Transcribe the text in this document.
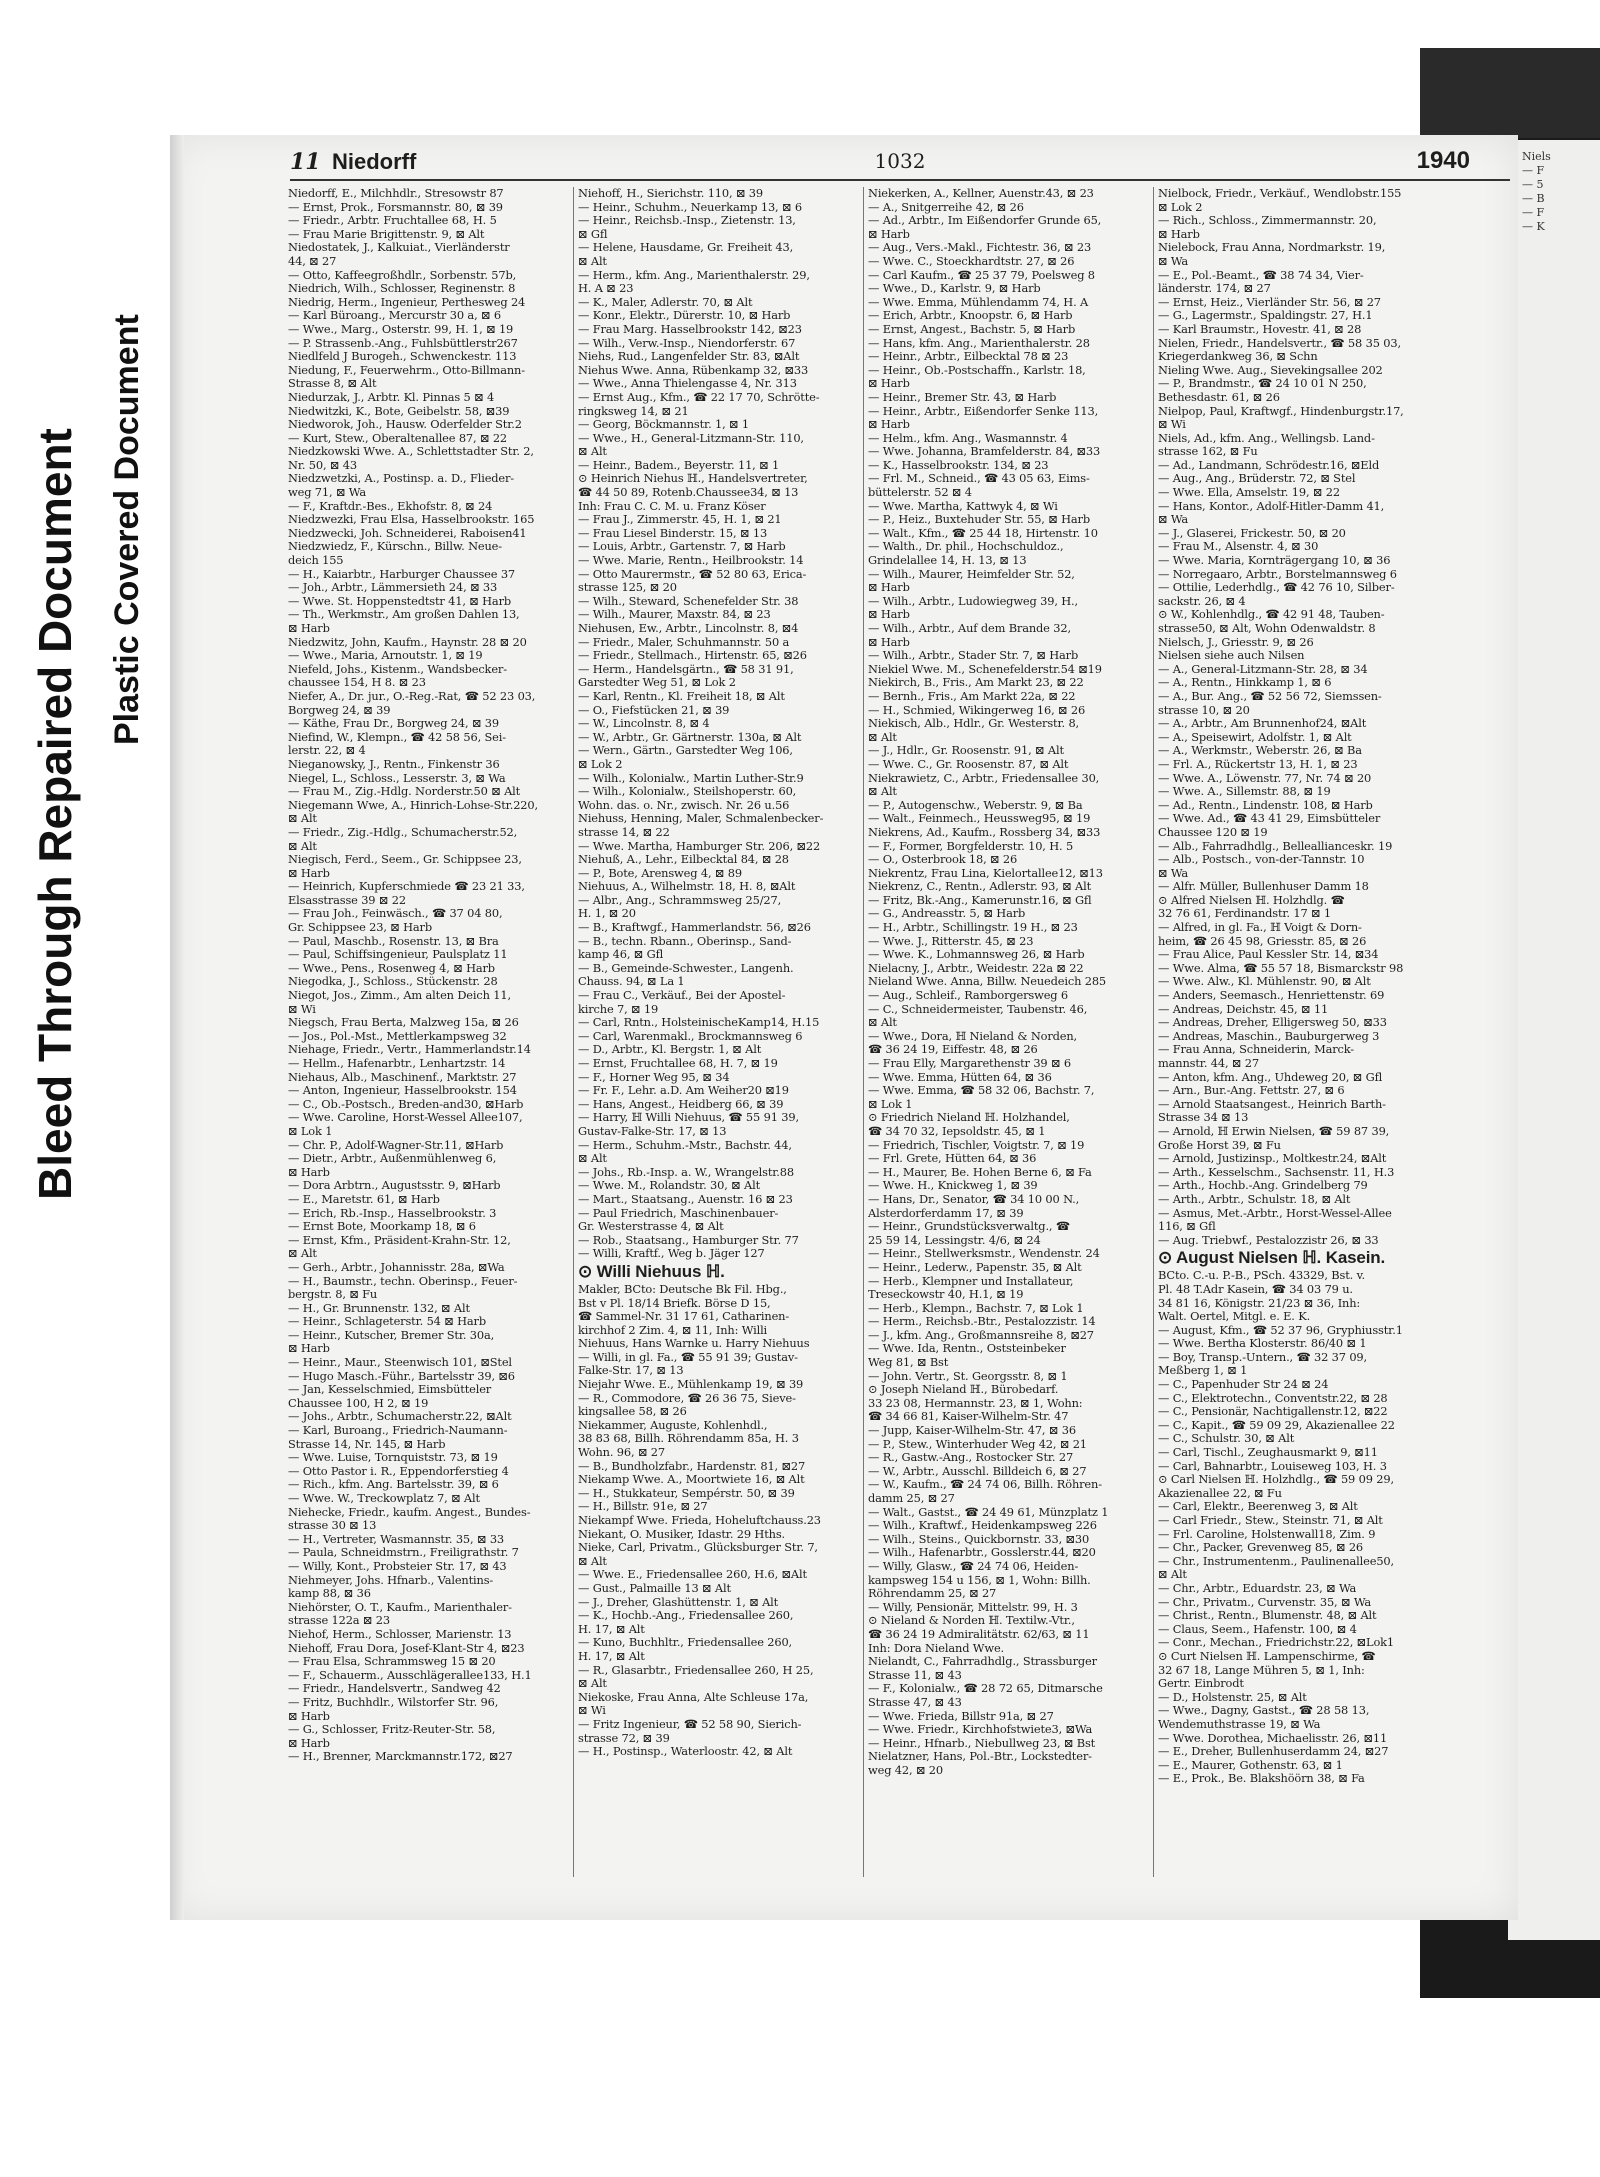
Bleed Through Repaired Document Plastic Covered Document
Niels
— F
— 5
— B
— F
— K
11 Niedorff	1032	1940
Niedorff, E., Milchhdlr., Stresowstr 87
— Ernst, Prok., Forsmannstr. 80, ⊠ 39
— Friedr., Arbtr. Fruchtallee 68, H. 5
— Frau Marie Brigittenstr. 9, ⊠ Alt
Niedostatek, J., Kalkuiat., Vierländerstr
44, ⊠ 27
— Otto, Kaffeegroßhdlr., Sorbenstr. 57b,
Niedrich, Wilh., Schlosser, Reginenstr. 8
Niedrig, Herm., Ingenieur, Perthesweg 24
— Karl Büroang., Mercurstr 30 a, ⊠ 6
— Wwe., Marg., Osterstr. 99, H. 1, ⊠ 19
— P. Strassenb.-Ang., Fuhlsbüttlerstr267
Niedlfeld J Burogeh., Schwenckestr. 113
Niedung, F., Feuerwehrm., Otto-Billmann-
Strasse 8, ⊠ Alt
Niedurzak, J., Arbtr. Kl. Pinnas 5 ⊠ 4
Niedwitzki, K., Bote, Geibelstr. 58, ⊠39
Niedworok, Joh., Hausw. Oderfelder Str.2
— Kurt, Stew., Oberaltenallee 87, ⊠ 22
Niedzkowski Wwe. A., Schlettstadter Str. 2,
Nr. 50, ⊠ 43
Niedzwetzki, A., Postinsp. a. D., Flieder-
weg 71, ⊠ Wa
— F., Kraftdr.-Bes., Ekhofstr. 8, ⊠ 24
Niedzwezki, Frau Elsa, Hasselbrookstr. 165
Niedzwecki, Joh. Schneiderei, Raboisen41
Niedzwiedz, F., Kürschn., Billw. Neue-
deich 155
— H., Kaiarbtr., Harburger Chaussee 37
— Joh., Arbtr., Lämmersieth 24, ⊠ 33
— Wwe. St. Hoppenstedtstr 41, ⊠ Harb
— Th., Werkmstr., Am großen Dahlen 13,
⊠ Harb
Niedzwitz, John, Kaufm., Haynstr. 28 ⊠ 20
— Wwe., Maria, Arnoutstr. 1, ⊠ 19
Niefeld, Johs., Kistenm., Wandsbecker-
chaussee 154, H 8. ⊠ 23
Niefer, A., Dr. jur., O.-Reg.-Rat, ☎ 52 23 03,
Borgweg 24, ⊠ 39
— Käthe, Frau Dr., Borgweg 24, ⊠ 39
Niefind, W., Klempn., ☎ 42 58 56, Sei-
lerstr. 22, ⊠ 4
Nieganowsky, J., Rentn., Finkenstr 36
Niegel, L., Schloss., Lesserstr. 3, ⊠ Wa
— Frau M., Zig.-Hdlg. Norderstr.50 ⊠ Alt
Niegemann Wwe, A., Hinrich-Lohse-Str.220,
⊠ Alt
— Friedr., Zig.-Hdlg., Schumacherstr.52,
⊠ Alt
Niegisch, Ferd., Seem., Gr. Schippsee 23,
⊠ Harb
— Heinrich, Kupferschmiede ☎ 23 21 33,
Elsasstrasse 39 ⊠ 22
— Frau Joh., Feinwäsch., ☎ 37 04 80,
Gr. Schippsee 23, ⊠ Harb
— Paul, Maschb., Rosenstr. 13, ⊠ Bra
— Paul, Schiffsingenieur, Paulsplatz 11
— Wwe., Pens., Rosenweg 4, ⊠ Harb
Niegodka, J., Schloss., Stückenstr. 28
Niegot, Jos., Zimm., Am alten Deich 11,
⊠ Wi
Niegsch, Frau Berta, Malzweg 15a, ⊠ 26
— Jos., Pol.-Mst., Mettlerkampsweg 32
Niehage, Friedr., Vertr., Hammerlandstr.14
— Hellm., Hafenarbtr., Lenhartzstr. 14
Niehaus, Alb., Maschinenf., Marktstr. 27
— Anton, Ingenieur, Hasselbrookstr. 154
— C., Ob.-Postsch., Breden-and30, ⊠Harb
— Wwe. Caroline, Horst-Wessel Allee107,
⊠ Lok 1
— Chr. P., Adolf-Wagner-Str.11, ⊠Harb
— Dietr., Arbtr., Außenmühlenweg 6,
⊠ Harb
— Dora Arbtrn., Augustsstr. 9, ⊠Harb
— E., Maretstr. 61, ⊠ Harb
— Erich, Rb.-Insp., Hasselbrookstr. 3
— Ernst Bote, Moorkamp 18, ⊠ 6
— Ernst, Kfm., Präsident-Krahn-Str. 12,
⊠ Alt
— Gerh., Arbtr., Johannisstr. 28a, ⊠Wa
— H., Baumstr., techn. Oberinsp., Feuer-
bergstr. 8, ⊠ Fu
— H., Gr. Brunnenstr. 132, ⊠ Alt
— Heinr., Schlageterstr. 54 ⊠ Harb
— Heinr., Kutscher, Bremer Str. 30a,
⊠ Harb
— Heinr., Maur., Steenwisch 101, ⊠Stel
— Hugo Masch.-Führ., Bartelsstr 39, ⊠6
— Jan, Kesselschmied, Eimsbütteler
Chaussee 100, H 2, ⊠ 19
— Johs., Arbtr., Schumacherstr.22, ⊠Alt
— Karl, Buroang., Friedrich-Naumann-
Strasse 14, Nr. 145, ⊠ Harb
— Wwe. Luise, Tornquiststr. 73, ⊠ 19
— Otto Pastor i. R., Eppendorferstieg 4
— Rich., kfm. Ang. Bartelsstr. 39, ⊠ 6
— Wwe. W., Treckowplatz 7, ⊠ Alt
Niehecke, Friedr., kaufm. Angest., Bundes-
strasse 30 ⊠ 13
— H., Vertreter, Wasmannstr. 35, ⊠ 33
— Paula, Schneidmstrn., Freiligrathstr. 7
— Willy, Kont., Probsteier Str. 17, ⊠ 43
Niehmeyer, Johs. Hfnarb., Valentins-
kamp 88, ⊠ 36
Niehörster, O. T., Kaufm., Marienthaler-
strasse 122a ⊠ 23
Niehof, Herm., Schlosser, Marienstr. 13
Niehoff, Frau Dora, Josef-Klant-Str 4, ⊠23
— Frau Elsa, Schrammsweg 15 ⊠ 20
— F., Schauerm., Ausschlägerallee133, H.1
— Friedr., Handelsvertr., Sandweg 42
— Fritz, Buchhdlr., Wilstorfer Str. 96,
⊠ Harb
— G., Schlosser, Fritz-Reuter-Str. 58,
⊠ Harb
— H., Brenner, Marckmannstr.172, ⊠27
Niehoff, H., Sierichstr. 110, ⊠ 39
— Heinr., Schuhm., Neuerkamp 13, ⊠ 6
— Heinr., Reichsb.-Insp., Zietenstr. 13,
⊠ Gfl
— Helene, Hausdame, Gr. Freiheit 43,
⊠ Alt
— Herm., kfm. Ang., Marienthalerstr. 29,
H. A ⊠ 23
— K., Maler, Adlerstr. 70, ⊠ Alt
— Konr., Elektr., Dürerstr. 10, ⊠ Harb
— Frau Marg. Hasselbrookstr 142, ⊠23
— Wilh., Verw.-Insp., Niendorferstr. 67
Niehs, Rud., Langenfelder Str. 83, ⊠Alt
Niehus Wwe. Anna, Rübenkamp 32, ⊠33
— Wwe., Anna Thielengasse 4, Nr. 313
— Ernst Aug., Kfm., ☎ 22 17 70, Schrötte-
ringksweg 14, ⊠ 21
— Georg, Böckmannstr. 1, ⊠ 1
— Wwe., H., General-Litzmann-Str. 110,
⊠ Alt
— Heinr., Badem., Beyerstr. 11, ⊠ 1
⊙ Heinrich Niehus ℍ., Handelsvertreter,
☎ 44 50 89, Rotenb.Chaussee34, ⊠ 13
Inh: Frau C. C. M. u. Franz Köser
— Frau J., Zimmerstr. 45, H. 1, ⊠ 21
— Frau Liesel Binderstr. 15, ⊠ 13
— Louis, Arbtr., Gartenstr. 7, ⊠ Harb
— Wwe. Marie, Rentn., Heilbrookstr. 14
— Otto Maurermstr., ☎ 52 80 63, Erica-
strasse 125, ⊠ 20
— Wilh., Steward, Schenefelder Str. 38
— Wilh., Maurer, Maxstr. 84, ⊠ 23
Niehusen, Ew., Arbtr., Lincolnstr. 8, ⊠4
— Friedr., Maler, Schuhmannstr. 50 a
— Friedr., Stellmach., Hirtenstr. 65, ⊠26
— Herm., Handelsgärtn., ☎ 58 31 91,
Garstedter Weg 51, ⊠ Lok 2
— Karl, Rentn., Kl. Freiheit 18, ⊠ Alt
— O., Fiefstücken 21, ⊠ 39
— W., Lincolnstr. 8, ⊠ 4
— W., Arbtr., Gr. Gärtnerstr. 130a, ⊠ Alt
— Wern., Gärtn., Garstedter Weg 106,
⊠ Lok 2
— Wilh., Kolonialw., Martin Luther-Str.9
— Wilh., Kolonialw., Steilshoperstr. 60,
Wohn. das. o. Nr., zwisch. Nr. 26 u.56
Niehuss, Henning, Maler, Schmalenbecker-
strasse 14, ⊠ 22
— Wwe. Martha, Hamburger Str. 206, ⊠22
Niehuß, A., Lehr., Eilbecktal 84, ⊠ 28
— P., Bote, Arensweg 4, ⊠ 89
Niehuus, A., Wilhelmstr. 18, H. 8, ⊠Alt
— Albr., Ang., Schrammsweg 25/27,
H. 1, ⊠ 20
— B., Kraftwgf., Hammerlandstr. 56, ⊠26
— B., techn. Rbann., Oberinsp., Sand-
kamp 46, ⊠ Gfl
— B., Gemeinde-Schwester., Langenh.
Chauss. 94, ⊠ La 1
— Frau C., Verkäuf., Bei der Apostel-
kirche 7, ⊠ 19
— Carl, Rntn., HolsteinischeKamp14, H.15
— Carl, Warenmakl., Brockmannsweg 6
— D., Arbtr., Kl. Bergstr. 1, ⊠ Alt
— Ernst, Fruchtallee 68, H. 7, ⊠ 19
— F., Horner Weg 95, ⊠ 34
— Fr. F., Lehr. a.D. Am Weiher20 ⊠19
— Hans, Angest., Heidberg 66, ⊠ 39
— Harry, ℍ Willi Niehuus, ☎ 55 91 39,
Gustav-Falke-Str. 17, ⊠ 13
— Herm., Schuhm.-Mstr., Bachstr. 44,
⊠ Alt
— Johs., Rb.-Insp. a. W., Wrangelstr.88
— Wwe. M., Rolandstr. 30, ⊠ Alt
— Mart., Staatsang., Auenstr. 16 ⊠ 23
— Paul Friedrich, Maschinenbauer-
Gr. Westerstrasse 4, ⊠ Alt
— Rob., Staatsang., Hamburger Str. 77
— Willi, Kraftf., Weg b. Jäger 127
⊙ Willi Niehuus ℍ.
Makler, BCto: Deutsche Bk Fil. Hbg.,
Bst v Pl. 18/14 Briefk. Börse D 15,
☎ Sammel-Nr. 31 17 61, Catharinen-
kirchhof 2 Zim. 4, ⊠ 11, Inh: Willi
Niehuus, Hans Warnke u. Harry Niehuus
— Willi, in gl. Fa., ☎ 55 91 39; Gustav-
Falke-Str. 17, ⊠ 13
Niejahr Wwe. E., Mühlenkamp 19, ⊠ 39
— R., Commodore, ☎ 26 36 75, Sieve-
kingsallee 58, ⊠ 26
Niekammer, Auguste, Kohlenhdl.,
38 83 68, Billh. Röhrendamm 85a, H. 3
Wohn. 96, ⊠ 27
— B., Bundholzfabr., Hardenstr. 81, ⊠27
Niekamp Wwe. A., Moortwiete 16, ⊠ Alt
— H., Stukkateur, Sempérstr. 50, ⊠ 39
— H., Billstr. 91e, ⊠ 27
Niekampf Wwe. Frieda, Hoheluftchauss.23
Niekant, O. Musiker, Idastr. 29 Hths.
Nieke, Carl, Privatm., Glücksburger Str. 7,
⊠ Alt
— Wwe. E., Friedensallee 260, H.6, ⊠Alt
— Gust., Palmaille 13 ⊠ Alt
— J., Dreher, Glashüttenstr. 1, ⊠ Alt
— K., Hochb.-Ang., Friedensallee 260,
H. 17, ⊠ Alt
— Kuno, Buchhltr., Friedensallee 260,
H. 17, ⊠ Alt
— R., Glasarbtr., Friedensallee 260, H 25,
⊠ Alt
Niekoske, Frau Anna, Alte Schleuse 17a,
⊠ Wi
— Fritz Ingenieur, ☎ 52 58 90, Sierich-
strasse 72, ⊠ 39
— H., Postinsp., Waterloostr. 42, ⊠ Alt
Niekerken, A., Kellner, Auenstr.43, ⊠ 23
— A., Snitgerreihe 42, ⊠ 26
— Ad., Arbtr., Im Eißendorfer Grunde 65,
⊠ Harb
— Aug., Vers.-Makl., Fichtestr. 36, ⊠ 23
— Wwe. C., Stoeckhardtstr. 27, ⊠ 26
— Carl Kaufm., ☎ 25 37 79, Poelsweg 8
— Wwe., D., Karlstr. 9, ⊠ Harb
— Wwe. Emma, Mühlendamm 74, H. A
— Erich, Arbtr., Knoopstr. 6, ⊠ Harb
— Ernst, Angest., Bachstr. 5, ⊠ Harb
— Hans, kfm. Ang., Marienthalerstr. 28
— Heinr., Arbtr., Eilbecktal 78 ⊠ 23
— Heinr., Ob.-Postschaffn., Karlstr. 18,
⊠ Harb
— Heinr., Bremer Str. 43, ⊠ Harb
— Heinr., Arbtr., Eißendorfer Senke 113,
⊠ Harb
— Helm., kfm. Ang., Wasmannstr. 4
— Wwe. Johanna, Bramfelderstr. 84, ⊠33
— K., Hasselbrookstr. 134, ⊠ 23
— Frl. M., Schneid., ☎ 43 05 63, Eims-
büttelerstr. 52 ⊠ 4
— Wwe. Martha, Kattwyk 4, ⊠ Wi
— P., Heiz., Buxtehuder Str. 55, ⊠ Harb
— Walt., Kfm., ☎ 25 44 18, Hirtenstr. 10
— Walth., Dr. phil., Hochschuldoz.,
Grindelallee 14, H. 13, ⊠ 13
— Wilh., Maurer, Heimfelder Str. 52,
⊠ Harb
— Wilh., Arbtr., Ludowiegweg 39, H.,
⊠ Harb
— Wilh., Arbtr., Auf dem Brande 32,
⊠ Harb
— Wilh., Arbtr., Stader Str. 7, ⊠ Harb
Niekiel Wwe. M., Schenefelderstr.54 ⊠19
Niekirch, B., Fris., Am Markt 23, ⊠ 22
— Bernh., Fris., Am Markt 22a, ⊠ 22
— H., Schmied, Wikingerweg 16, ⊠ 26
Niekisch, Alb., Hdlr., Gr. Westerstr. 8,
⊠ Alt
— J., Hdlr., Gr. Roosenstr. 91, ⊠ Alt
— Wwe. C., Gr. Roosenstr. 87, ⊠ Alt
Niekrawietz, C., Arbtr., Friedensallee 30,
⊠ Alt
— P., Autogenschw., Weberstr. 9, ⊠ Ba
— Walt., Feinmech., Heussweg95, ⊠ 19
Niekrens, Ad., Kaufm., Rossberg 34, ⊠33
— F., Former, Borgfelderstr. 10, H. 5
— O., Osterbrook 18, ⊠ 26
Niekrentz, Frau Lina, Kielortallee12, ⊠13
Niekrenz, C., Rentn., Adlerstr. 93, ⊠ Alt
— Fritz, Bk.-Ang., Kamerunstr.16, ⊠ Gfl
— G., Andreasstr. 5, ⊠ Harb
— H., Arbtr., Schillingstr. 19 H., ⊠ 23
— Wwe. J., Ritterstr. 45, ⊠ 23
— Wwe. K., Lohmannsweg 26, ⊠ Harb
Nielacny, J., Arbtr., Weidestr. 22a ⊠ 22
Nieland Wwe. Anna, Billw. Neuedeich 285
— Aug., Schleif., Ramborgersweg 6
— C., Schneidermeister, Taubenstr. 46,
⊠ Alt
— Wwe., Dora, ℍ Nieland & Norden,
☎ 36 24 19, Eiffestr. 48, ⊠ 26
— Frau Elly, Margarethenstr 39 ⊠ 6
— Wwe. Emma, Hütten 64, ⊠ 36
— Wwe. Emma, ☎ 58 32 06, Bachstr. 7,
⊠ Lok 1
⊙ Friedrich Nieland ℍ. Holzhandel,
☎ 34 70 32, Iepsoldstr. 45, ⊠ 1
— Friedrich, Tischler, Voigtstr. 7, ⊠ 19
— Frl. Grete, Hütten 64, ⊠ 36
— H., Maurer, Be. Hohen Berne 6, ⊠ Fa
— Wwe. H., Knickweg 1, ⊠ 39
— Hans, Dr., Senator, ☎ 34 10 00 N.,
Alsterdorferdamm 17, ⊠ 39
— Heinr., Grundstücksverwaltg., ☎
25 59 14, Lessingstr. 4/6, ⊠ 24
— Heinr., Stellwerksmstr., Wendenstr. 24
— Heinr., Lederw., Papenstr. 35, ⊠ Alt
— Herb., Klempner und Installateur,
Treseckowstr 40, H.1, ⊠ 19
— Herb., Klempn., Bachstr. 7, ⊠ Lok 1
— Herm., Reichsb.-Btr., Pestalozzistr. 14
— J., kfm. Ang., Großmannsreihe 8, ⊠27
— Wwe. Ida, Rentn., Oststeinbeker
Weg 81, ⊠ Bst
— John. Vertr., St. Georgsstr. 8, ⊠ 1
⊙ Joseph Nieland ℍ., Bürobedarf.
33 23 08, Hermannstr. 23, ⊠ 1, Wohn:
☎ 34 66 81, Kaiser-Wilhelm-Str. 47
— Jupp, Kaiser-Wilhelm-Str. 47, ⊠ 36
— P., Stew., Winterhuder Weg 42, ⊠ 21
— R., Gastw.-Ang., Rostocker Str. 27
— W., Arbtr., Ausschl. Billdeich 6, ⊠ 27
— W., Kaufm., ☎ 24 74 06, Billh. Röhren-
damm 25, ⊠ 27
— Walt., Gastst., ☎ 24 49 61, Münzplatz 1
— Wilh., Kraftwf., Heidenkampsweg 226
— Wilh., Steins., Quickbornstr. 33, ⊠30
— Wilh., Hafenarbtr., Gosslerstr.44, ⊠20
— Willy, Glasw., ☎ 24 74 06, Heiden-
kampsweg 154 u 156, ⊠ 1, Wohn: Billh.
Röhrendamm 25, ⊠ 27
— Willy, Pensionär, Mittelstr. 99, H. 3
⊙ Nieland & Norden ℍ. Textilw.-Vtr.,
☎ 36 24 19 Admiralitätstr. 62/63, ⊠ 11
Inh: Dora Nieland Wwe.
Nielandt, C., Fahrradhdlg., Strassburger
Strasse 11, ⊠ 43
— F., Kolonialw., ☎ 28 72 65, Ditmarsche
Strasse 47, ⊠ 43
— Wwe. Frieda, Billstr 91a, ⊠ 27
— Wwe. Friedr., Kirchhofstwiete3, ⊠Wa
— Heinr., Hfnarb., Niebullweg 23, ⊠ Bst
Nielatzner, Hans, Pol.-Btr., Lockstedter-
weg 42, ⊠ 20
Nielbock, Friedr., Verkäuf., Wendlobstr.155
⊠ Lok 2
— Rich., Schloss., Zimmermannstr. 20,
⊠ Harb
Nielebock, Frau Anna, Nordmarkstr. 19,
⊠ Wa
— E., Pol.-Beamt., ☎ 38 74 34, Vier-
länderstr. 174, ⊠ 27
— Ernst, Heiz., Vierländer Str. 56, ⊠ 27
— G., Lagermstr., Spaldingstr. 27, H.1
— Karl Braumstr., Hovestr. 41, ⊠ 28
Nielen, Friedr., Handelsvertr., ☎ 58 35 03,
Kriegerdankweg 36, ⊠ Schn
Nieling Wwe. Aug., Sievekingsallee 202
— P., Brandmstr., ☎ 24 10 01 N 250,
Bethesdastr. 61, ⊠ 26
Nielpop, Paul, Kraftwgf., Hindenburgstr.17,
⊠ Wi
Niels, Ad., kfm. Ang., Wellingsb. Land-
strasse 162, ⊠ Fu
— Ad., Landmann, Schrödestr.16, ⊠Eld
— Aug., Ang., Brüderstr. 72, ⊠ Stel
— Wwe. Ella, Amselstr. 19, ⊠ 22
— Hans, Kontor., Adolf-Hitler-Damm 41,
⊠ Wa
— J., Glaserei, Frickestr. 50, ⊠ 20
— Frau M., Alsenstr. 4, ⊠ 30
— Wwe. Maria, Kornträgergang 10, ⊠ 36
— Norregaaro, Arbtr., Borstelmannsweg 6
— Ottilie, Lederhdlg., ☎ 42 76 10, Silber-
sackstr. 26, ⊠ 4
⊙ W., Kohlenhdlg., ☎ 42 91 48, Tauben-
strasse50, ⊠ Alt, Wohn Odenwaldstr. 8
Nielsch, J., Griesstr. 9, ⊠ 26
Nielsen siehe auch Nilsen
— A., General-Litzmann-Str. 28, ⊠ 34
— A., Rentn., Hinkkamp 1, ⊠ 6
— A., Bur. Ang., ☎ 52 56 72, Siemssen-
strasse 10, ⊠ 20
— A., Arbtr., Am Brunnenhof24, ⊠Alt
— A., Speisewirt, Adolfstr. 1, ⊠ Alt
— A., Werkmstr., Weberstr. 26, ⊠ Ba
— Frl. A., Rückertstr 13, H. 1, ⊠ 23
— Wwe. A., Löwenstr. 77, Nr. 74 ⊠ 20
— Wwe. A., Sillemstr. 88, ⊠ 19
— Ad., Rentn., Lindenstr. 108, ⊠ Harb
— Wwe. Ad., ☎ 43 41 29, Eimsbütteler
Chaussee 120 ⊠ 19
— Alb., Fahrradhdlg., Belleallianceskr. 19
— Alb., Postsch., von-der-Tannstr. 10
⊠ Wa
— Alfr. Müller, Bullenhuser Damm 18
⊙ Alfred Nielsen ℍ. Holzhdlg. ☎
32 76 61, Ferdinandstr. 17 ⊠ 1
— Alfred, in gl. Fa., ℍ Voigt & Dorn-
heim, ☎ 26 45 98, Griesstr. 85, ⊠ 26
— Frau Alice, Paul Kessler Str. 14, ⊠34
— Wwe. Alma, ☎ 55 57 18, Bismarckstr 98
— Wwe. Alw., Kl. Mühlenstr. 90, ⊠ Alt
— Anders, Seemasch., Henriettenstr. 69
— Andreas, Deichstr. 45, ⊠ 11
— Andreas, Dreher, Elligersweg 50, ⊠33
— Andreas, Maschin., Bauburgerweg 3
— Frau Anna, Schneiderin, Marck-
mannstr. 44, ⊠ 27
— Anton, kfm. Ang., Uhdeweg 20, ⊠ Gfl
— Arn., Bur.-Ang. Fettstr. 27, ⊠ 6
— Arnold Staatsangest., Heinrich Barth-
Strasse 34 ⊠ 13
— Arnold, ℍ Erwin Nielsen, ☎ 59 87 39,
Große Horst 39, ⊠ Fu
— Arnold, Justizinsp., Moltkestr.24, ⊠Alt
— Arth., Kesselschm., Sachsenstr. 11, H.3
— Arth., Hochb.-Ang. Grindelberg 79
— Arth., Arbtr., Schulstr. 18, ⊠ Alt
— Asmus, Met.-Arbtr., Horst-Wessel-Allee
116, ⊠ Gfl
— Aug. Triebwf., Pestalozzistr 26, ⊠ 33
⊙ August Nielsen ℍ. Kasein.
BCto. C.-u. P.-B., PSch. 43329, Bst. v.
Pl. 48 T.Adr Kasein, ☎ 34 03 79 u.
34 81 16, Königstr. 21/23 ⊠ 36, Inh:
Walt. Oertel, Mitgl. e. E. K.
— August, Kfm., ☎ 52 37 96, Gryphiusstr.1
— Wwe. Bertha Klosterstr. 86/40 ⊠ 1
— Boy, Transp.-Untern., ☎ 32 37 09,
Meßberg 1, ⊠ 1
— C., Papenhuder Str 24 ⊠ 24
— C., Elektrotechn., Conventstr.22, ⊠ 28
— C., Pensionär, Nachtigallenstr.12, ⊠22
— C., Kapit., ☎ 59 09 29, Akazienallee 22
— C., Schulstr. 30, ⊠ Alt
— Carl, Tischl., Zeughausmarkt 9, ⊠11
— Carl, Bahnarbtr., Louiseweg 103, H. 3
⊙ Carl Nielsen ℍ. Holzhdlg., ☎ 59 09 29,
Akazienallee 22, ⊠ Fu
— Carl, Elektr., Beerenweg 3, ⊠ Alt
— Carl Friedr., Stew., Steinstr. 71, ⊠ Alt
— Frl. Caroline, Holstenwall18, Zim. 9
— Chr., Packer, Grevenweg 85, ⊠ 26
— Chr., Instrumentenm., Paulinenallee50,
⊠ Alt
— Chr., Arbtr., Eduardstr. 23, ⊠ Wa
— Chr., Privatm., Curvenstr. 35, ⊠ Wa
— Christ., Rentn., Blumenstr. 48, ⊠ Alt
— Claus, Seem., Hafenstr. 100, ⊠ 4
— Conr., Mechan., Friedrichstr.22, ⊠Lok1
⊙ Curt Nielsen ℍ. Lampenschirme, ☎
32 67 18, Lange Mühren 5, ⊠ 1, Inh:
Gertr. Einbrodt
— D., Holstenstr. 25, ⊠ Alt
— Wwe., Dagny, Gastst., ☎ 28 58 13,
Wendemuthstrasse 19, ⊠ Wa
— Wwe. Dorothea, Michaelisstr. 26, ⊠11
— E., Dreher, Bullenhuserdamm 24, ⊠27
— E., Maurer, Gothenstr. 63, ⊠ 1
— E., Prok., Be. Blakshöörn 38, ⊠ Fa
